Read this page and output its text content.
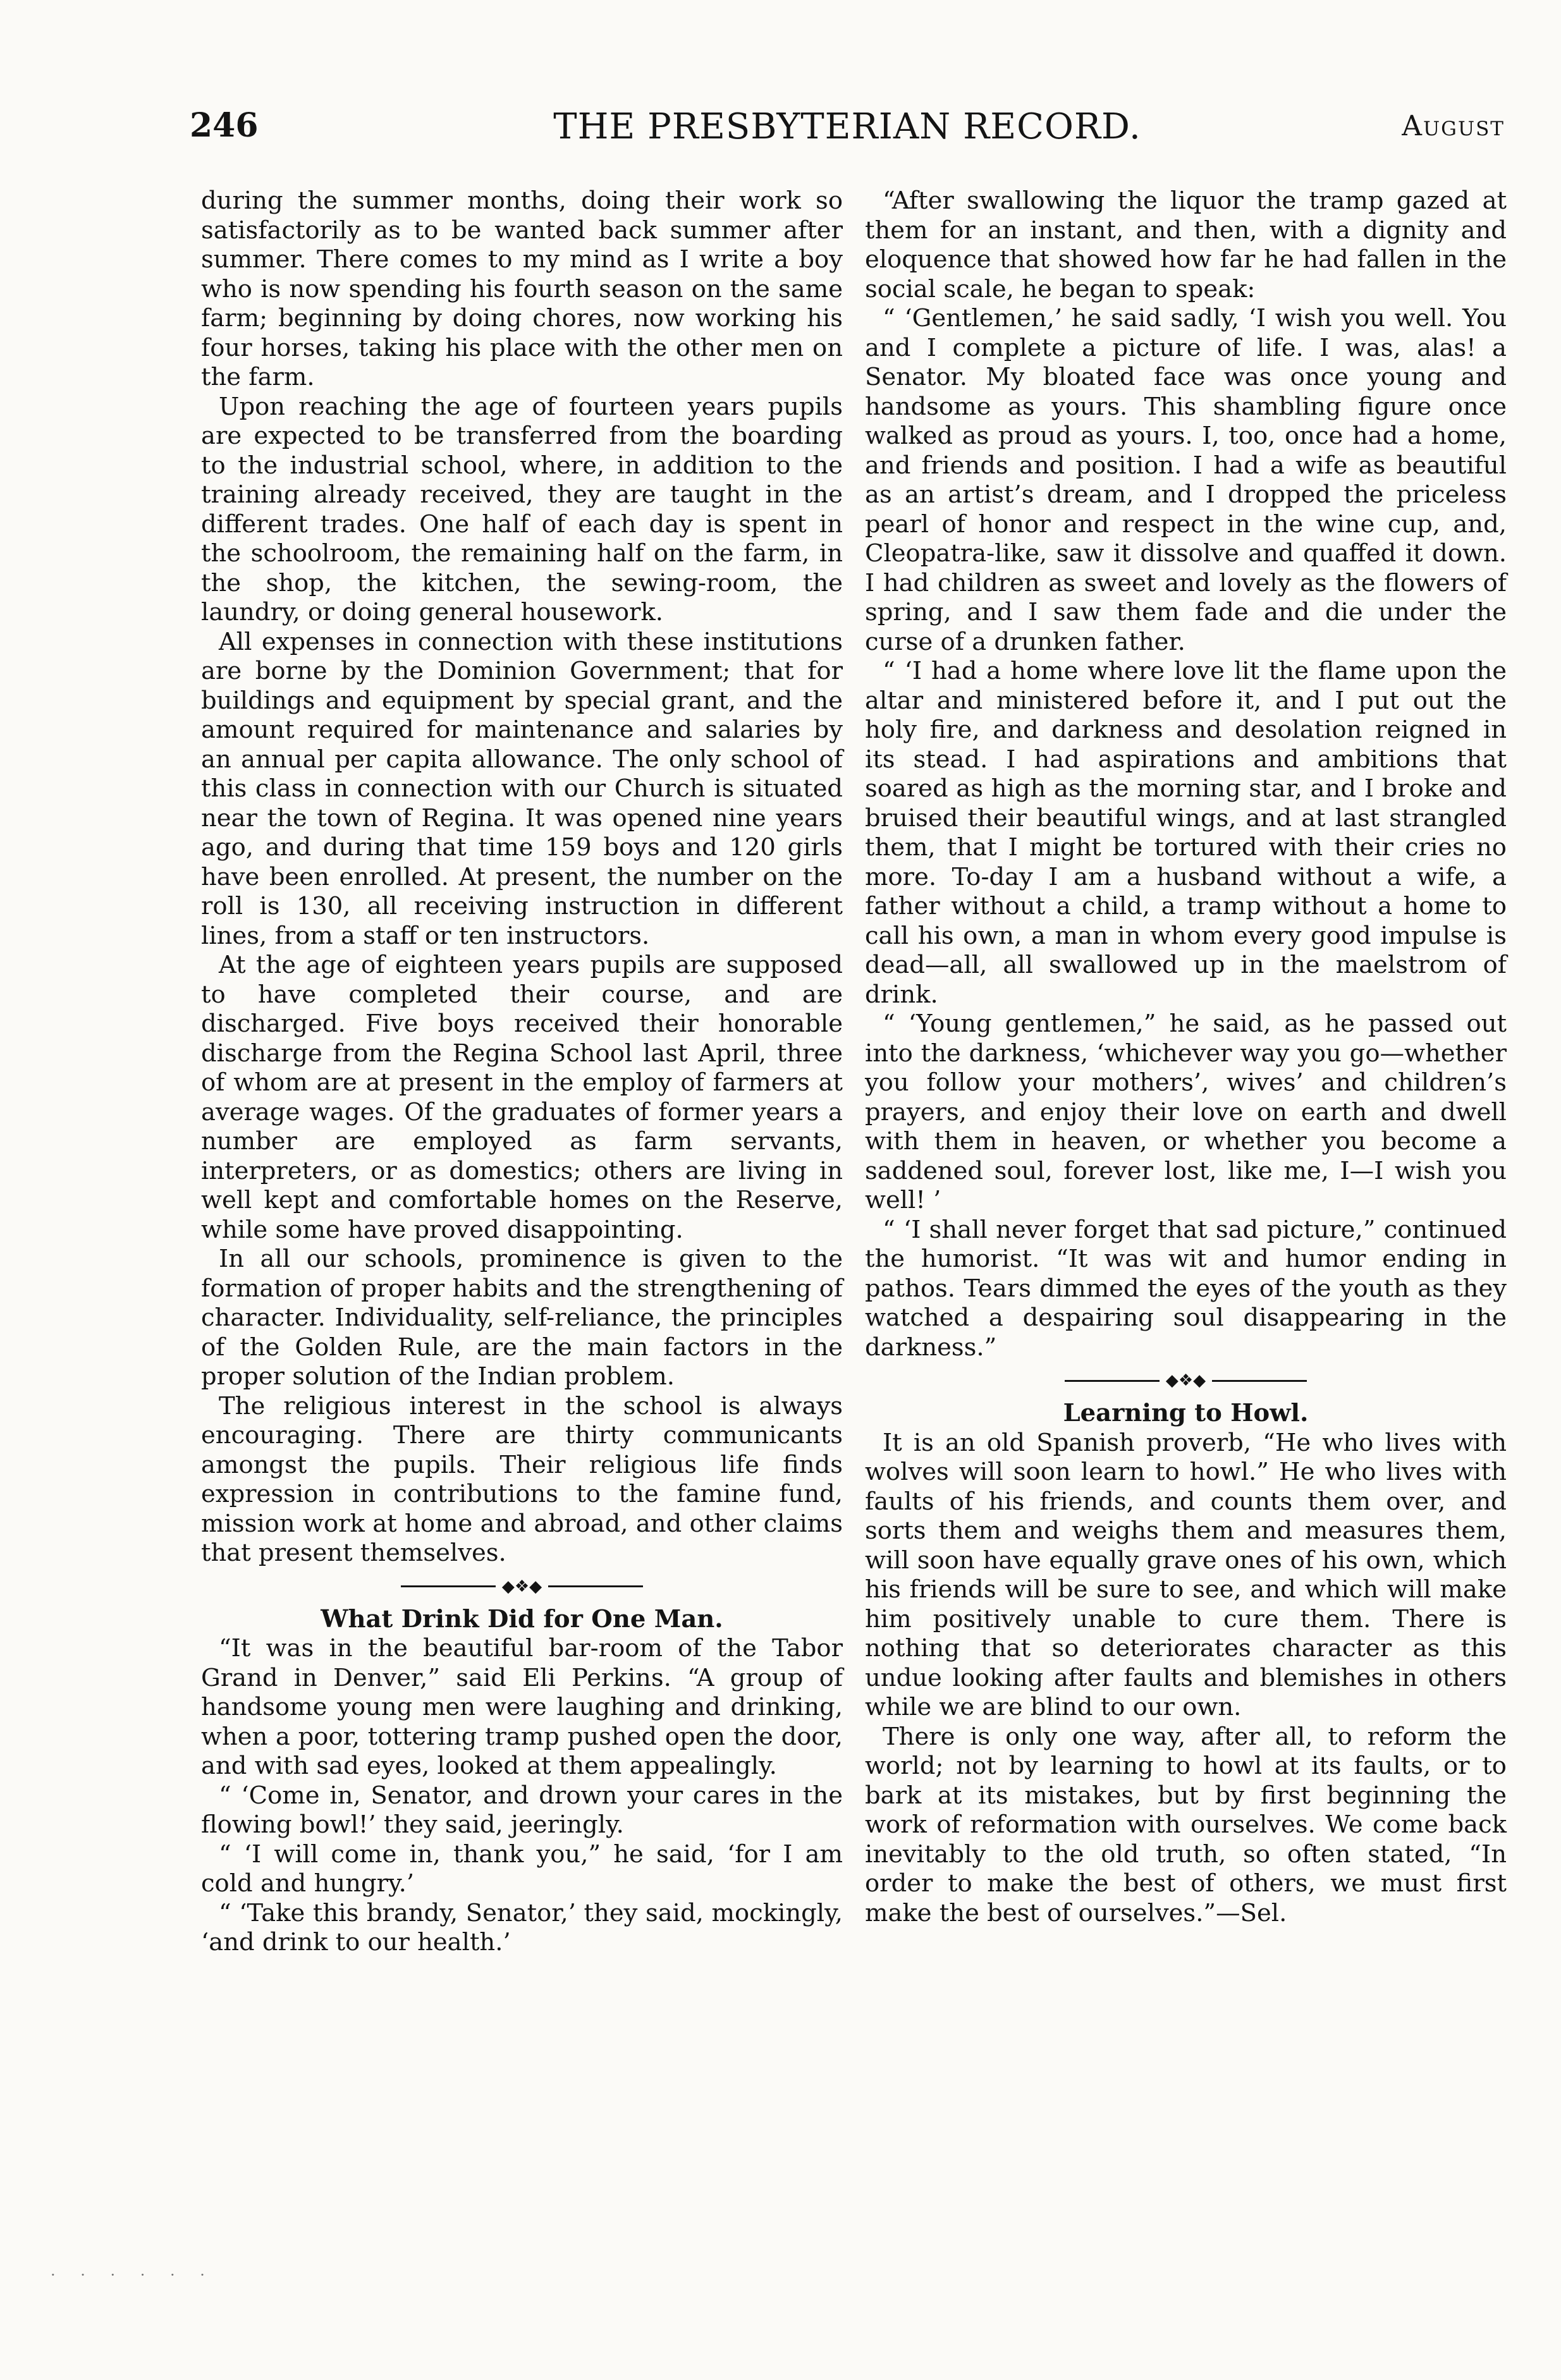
246	THE PRESBYTERIAN RECORD.	August

during the summer months, doing their work so satisfactorily as to be wanted back summer after summer. There comes to my mind as I write a boy who is now spending his fourth season on the same farm; beginning by doing chores, now working his four horses, taking his place with the other men on the farm.

Upon reaching the age of fourteen years pupils are expected to be transferred from the boarding to the industrial school, where, in addition to the training already received, they are taught in the different trades. One half of each day is spent in the schoolroom, the remaining half on the farm, in the shop, the kitchen, the sewing-room, the laundry, or doing general housework.

All expenses in connection with these institutions are borne by the Dominion Government; that for buildings and equipment by special grant, and the amount required for maintenance and salaries by an annual per capita allowance. The only school of this class in connection with our Church is situated near the town of Regina. It was opened nine years ago, and during that time 159 boys and 120 girls have been enrolled. At present, the number on the roll is 130, all receiving instruction in different lines, from a staff or ten instructors.

At the age of eighteen years pupils are supposed to have completed their course, and are discharged. Five boys received their honorable discharge from the Regina School last April, three of whom are at present in the employ of farmers at average wages. Of the graduates of former years a number are employed as farm servants, interpreters, or as domestics; others are living in well kept and comfortable homes on the Reserve, while some have proved disappointing.

In all our schools, prominence is given to the formation of proper habits and the strengthening of character. Individuality, self-reliance, the principles of the Golden Rule, are the main factors in the proper solution of the Indian problem.

The religious interest in the school is always encouraging. There are thirty communicants amongst the pupils. Their religious life finds expression in contributions to the famine fund, mission work at home and abroad, and other claims that present themselves.

◆❖◆
What Drink Did for One Man.

“It was in the beautiful bar-room of the Tabor Grand in Denver,” said Eli Perkins. “A group of handsome young men were laughing and drinking, when a poor, tottering tramp pushed open the door, and with sad eyes, looked at them appealingly.

“ ‘Come in, Senator, and drown your cares in the flowing bowl!’ they said, jeeringly.

“ ‘I will come in, thank you,” he said, ‘for I am cold and hungry.’

“ ‘Take this brandy, Senator,’ they said, mockingly, ‘and drink to our health.’

“After swallowing the liquor the tramp gazed at them for an instant, and then, with a dignity and eloquence that showed how far he had fallen in the social scale, he began to speak:

“ ‘Gentlemen,’ he said sadly, ‘I wish you well. You and I complete a picture of life. I was, alas! a Senator. My bloated face was once young and handsome as yours. This shambling figure once walked as proud as yours. I, too, once had a home, and friends and position. I had a wife as beautiful as an artist’s dream, and I dropped the priceless pearl of honor and respect in the wine cup, and, Cleopatra-like, saw it dissolve and quaffed it down. I had children as sweet and lovely as the flowers of spring, and I saw them fade and die under the curse of a drunken father.

“ ‘I had a home where love lit the flame upon the altar and ministered before it, and I put out the holy fire, and darkness and desolation reigned in its stead. I had aspirations and ambitions that soared as high as the morning star, and I broke and bruised their beautiful wings, and at last strangled them, that I might be tortured with their cries no more. To-day I am a husband without a wife, a father without a child, a tramp without a home to call his own, a man in whom every good impulse is dead—all, all swallowed up in the maelstrom of drink.

“ ‘Young gentlemen,” he said, as he passed out into the darkness, ‘whichever way you go—whether you follow your mothers’, wives’ and children’s prayers, and enjoy their love on earth and dwell with them in heaven, or whether you become a saddened soul, forever lost, like me, I—I wish you well! ’

“ ‘I shall never forget that sad picture,” continued the humorist. “It was wit and humor ending in pathos. Tears dimmed the eyes of the youth as they watched a despairing soul disappearing in the darkness.”

◆❖◆
Learning to Howl.

It is an old Spanish proverb, “He who lives with wolves will soon learn to howl.” He who lives with faults of his friends, and counts them over, and sorts them and weighs them and measures them, will soon have equally grave ones of his own, which his friends will be sure to see, and which will make him positively unable to cure them. There is nothing that so deteriorates character as this undue looking after faults and blemishes in others while we are blind to our own.

There is only one way, after all, to reform the world; not by learning to howl at its faults, or to bark at its mistakes, but by first beginning the work of reformation with ourselves. We come back inevitably to the old truth, so often stated, “In order to make the best of others, we must first make the best of ourselves.”—Sel.

· · · · · ·
